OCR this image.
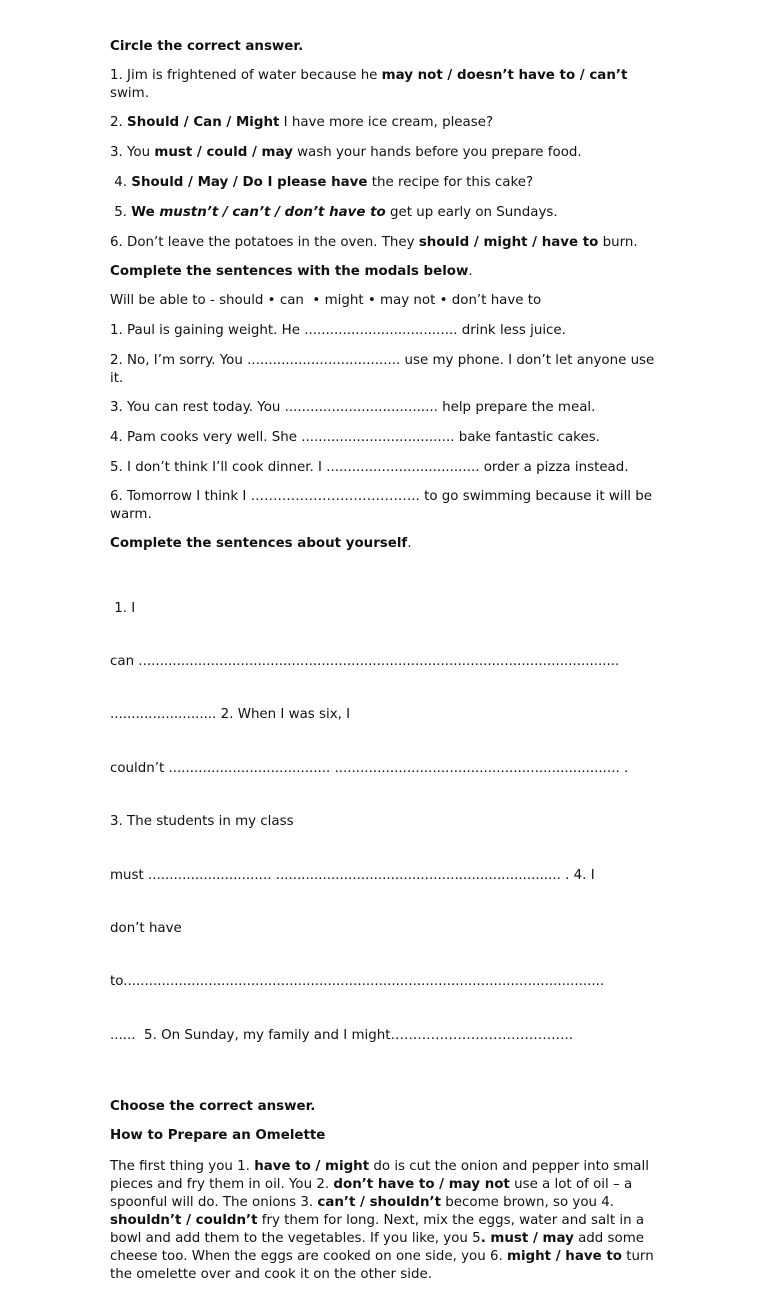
Circle the correct answer.
1. Jim is frightened of water because he may not / doesn’t have to / can’t swim.
2. Should / Can / Might I have more ice cream, please?
3. You must / could / may wash your hands before you prepare food.
4. Should / May / Do I please have the recipe for this cake?
5. We mustn’t / can’t / don’t have to get up early on Sundays.
6. Don’t leave the potatoes in the oven. They should / might / have to burn.
Complete the sentences with the modals below.
Will be able to - should • can  • might • may not • don’t have to
1. Paul is gaining weight. He .................................... drink less juice.
2. No, I’m sorry. You .................................... use my phone. I don’t let anyone use it.
3. You can rest today. You .................................... help prepare the meal.
4. Pam cooks very well. She .................................... bake fantastic cakes.
5. I don’t think I’ll cook dinner. I .................................... order a pizza instead.
6. Tomorrow I think I ……………………………….. to go swimming because it will be warm.
Complete the sentences about yourself.

1. I

can .................................................................................................................

......................... 2. When I was six, I

couldn’t ...................................... ................................................................... .

3. The students in my class

must ............................. ................................................................... . 4. I

don’t have

to.................................................................................................................

......  5. On Sunday, my family and I might…………………………………..

Choose the correct answer.
How to Prepare an Omelette
The first thing you 1. have to / might do is cut the onion and pepper into small pieces and fry them in oil. You 2. don’t have to / may not use a lot of oil – a spoonful will do. The onions 3. can’t / shouldn’t become brown, so you 4. shouldn’t / couldn’t fry them for long. Next, mix the eggs, water and salt in a bowl and add them to the vegetables. If you like, you 5. must / may add some cheese too. When the eggs are cooked on one side, you 6. might / have to turn the omelette over and cook it on the other side.
